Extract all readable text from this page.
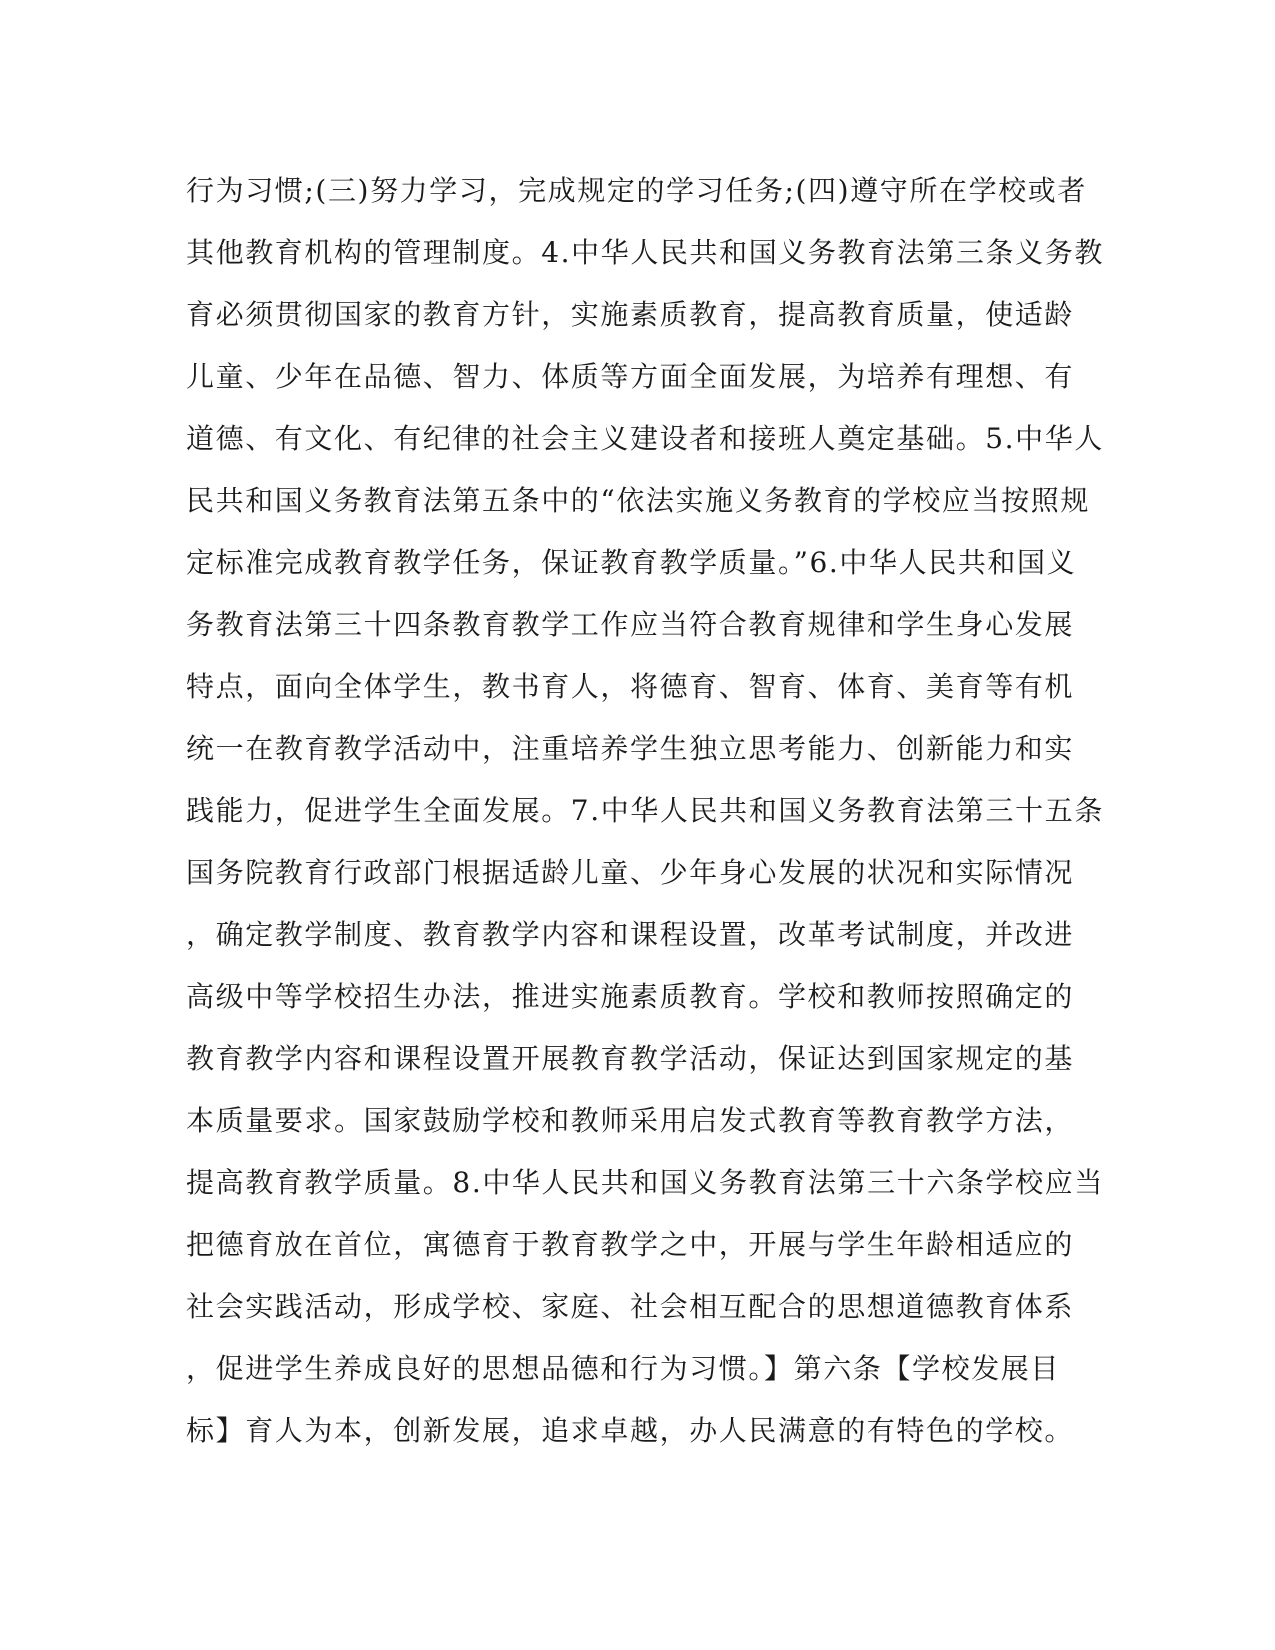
行为习惯;(三)努力学习，完成规定的学习任务;(四)遵守所在学校或者
其他教育机构的管理制度。4.中华人民共和国义务教育法第三条义务教
育必须贯彻国家的教育方针，实施素质教育，提高教育质量，使适龄
儿童、少年在品德、智力、体质等方面全面发展，为培养有理想、有
道德、有文化、有纪律的社会主义建设者和接班人奠定基础。5.中华人
民共和国义务教育法第五条中的“依法实施义务教育的学校应当按照规
定标准完成教育教学任务，保证教育教学质量。”6.中华人民共和国义
务教育法第三十四条教育教学工作应当符合教育规律和学生身心发展
特点，面向全体学生，教书育人，将德育、智育、体育、美育等有机
统一在教育教学活动中，注重培养学生独立思考能力、创新能力和实
践能力，促进学生全面发展。7.中华人民共和国义务教育法第三十五条
国务院教育行政部门根据适龄儿童、少年身心发展的状况和实际情况
，确定教学制度、教育教学内容和课程设置，改革考试制度，并改进
高级中等学校招生办法，推进实施素质教育。学校和教师按照确定的
教育教学内容和课程设置开展教育教学活动，保证达到国家规定的基
本质量要求。国家鼓励学校和教师采用启发式教育等教育教学方法，
提高教育教学质量。8.中华人民共和国义务教育法第三十六条学校应当
把德育放在首位，寓德育于教育教学之中，开展与学生年龄相适应的
社会实践活动，形成学校、家庭、社会相互配合的思想道德教育体系
，促进学生养成良好的思想品德和行为习惯。】第六条【学校发展目
标】育人为本，创新发展，追求卓越，办人民满意的有特色的学校。
